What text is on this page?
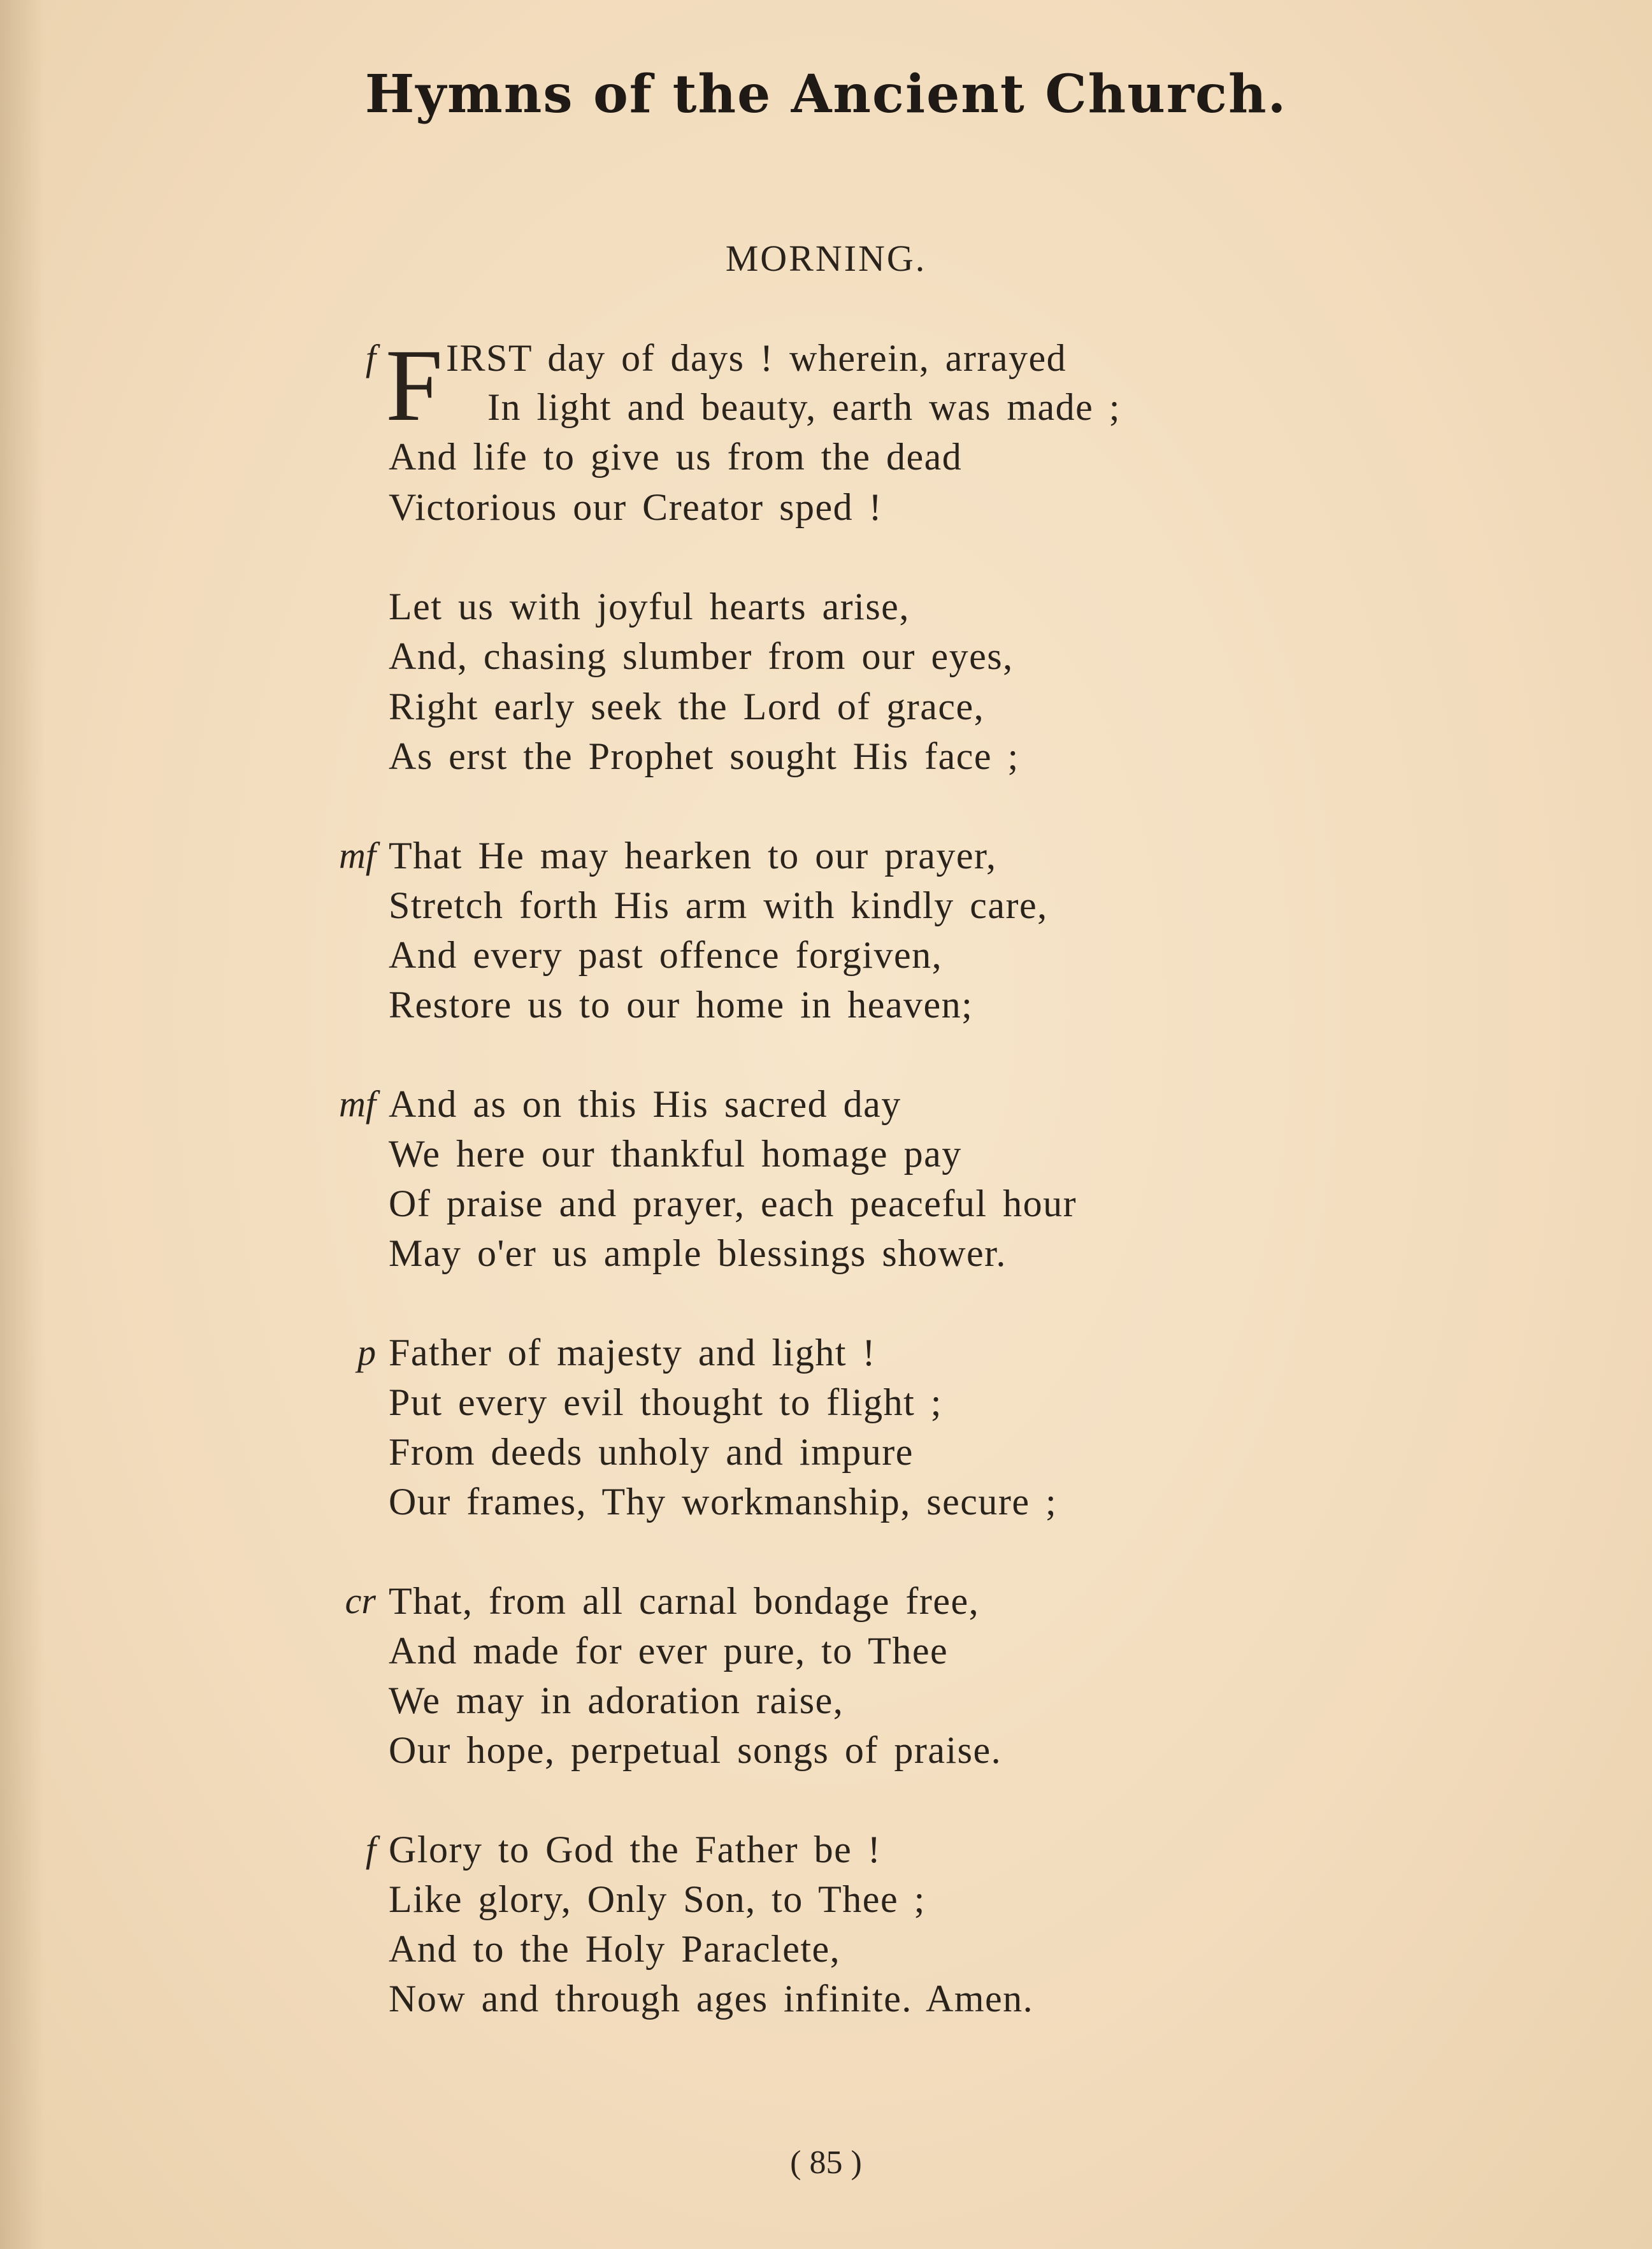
Hymns of the Ancient Church.
MORNING.
f F IRST day of days ! wherein, arrayed
In light and beauty, earth was made ;
And life to give us from the dead
Victorious our Creator sped !
Let us with joyful hearts arise,
And, chasing slumber from our eyes,
Right early seek the Lord of grace,
As erst the Prophet sought His face ;
mf That He may hearken to our prayer,
Stretch forth His arm with kindly care,
And every past offence forgiven,
Restore us to our home in heaven;
mf And as on this His sacred day
We here our thankful homage pay
Of praise and prayer, each peaceful hour
May o'er us ample blessings shower.
p Father of majesty and light !
Put every evil thought to flight ;
From deeds unholy and impure
Our frames, Thy workmanship, secure ;
cr That, from all carnal bondage free,
And made for ever pure, to Thee
We may in adoration raise,
Our hope, perpetual songs of praise.
f Glory to God the Father be !
Like glory, Only Son, to Thee ;
And to the Holy Paraclete,
Now and through ages infinite. Amen.
( 85 )
